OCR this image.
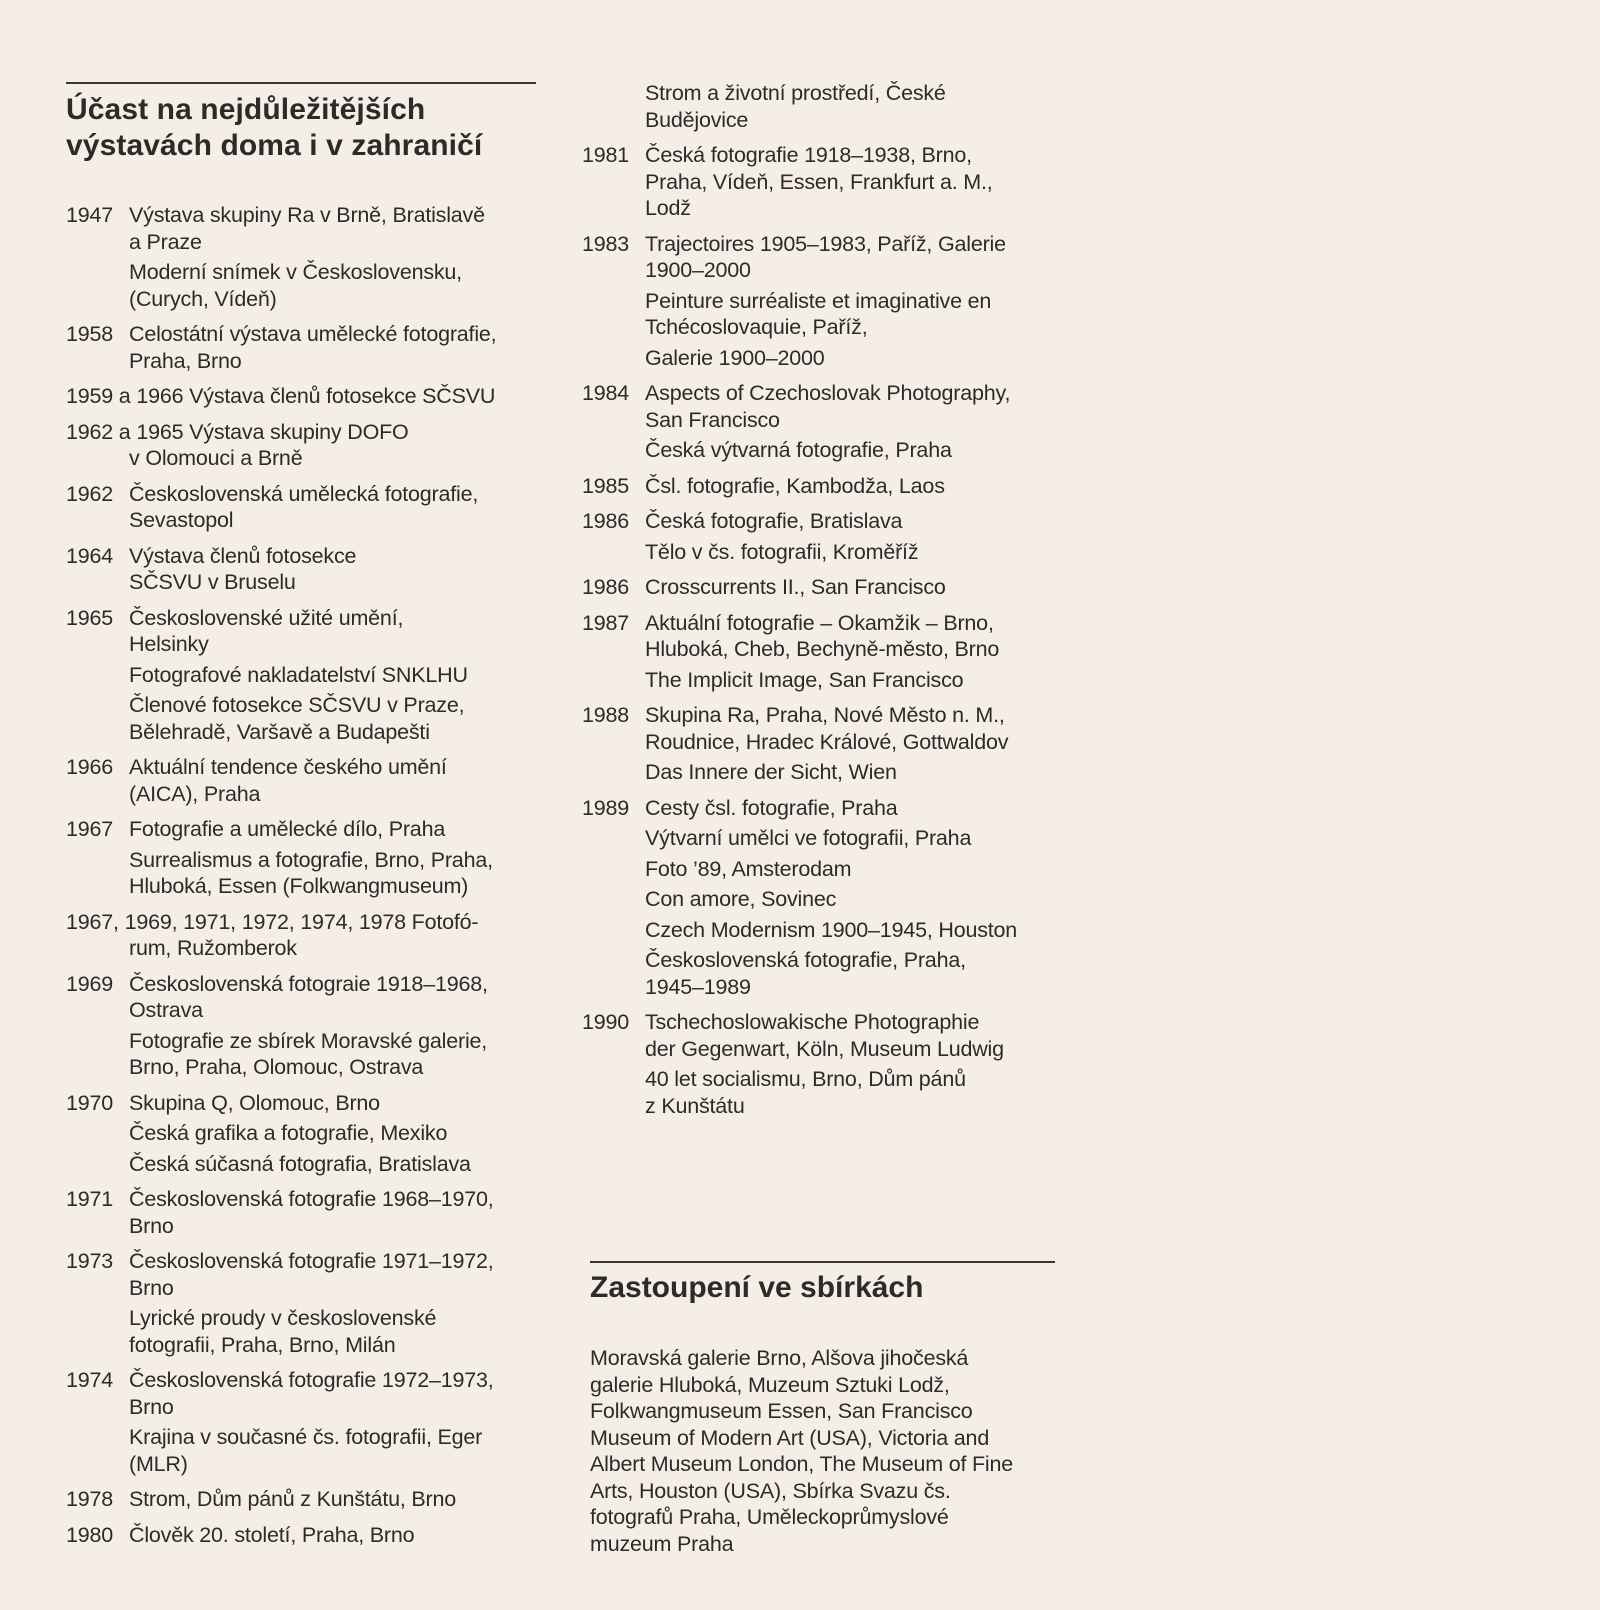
Účast na nejdůležitějších
výstavách doma i v zahraničí
1947 Výstava skupiny Ra v Brně, Bratislavě
a Praze
Moderní snímek v Československu,
(Curych, Vídeň)
1958 Celostátní výstava umělecké fotografie,
Praha, Brno
1959 a 1966 Výstava členů fotosekce SČSVU
1962 a 1965 Výstava skupiny DOFO
v Olomouci a Brně
1962 Československá umělecká fotografie,
Sevastopol
1964 Výstava členů fotosekce
SČSVU v Bruselu
1965 Československé užité umění,
Helsinky
Fotografové nakladatelství SNKLHU
Členové fotosekce SČSVU v Praze,
Bělehradě, Varšavě a Budapešti
1966 Aktuální tendence českého umění
(AICA), Praha
1967 Fotografie a umělecké dílo, Praha
Surrealismus a fotografie, Brno, Praha,
Hluboká, Essen (Folkwangmuseum)
1967, 1969, 1971, 1972, 1974, 1978 Fotofó-
rum, Ružomberok
1969 Československá fotograie 1918–1968,
Ostrava
Fotografie ze sbírek Moravské galerie,
Brno, Praha, Olomouc, Ostrava
1970 Skupina Q, Olomouc, Brno
Česká grafika a fotografie, Mexiko
Česká súčasná fotografia, Bratislava
1971 Československá fotografie 1968–1970,
Brno
1973 Československá fotografie 1971–1972,
Brno
Lyrické proudy v československé
fotografii, Praha, Brno, Milán
1974 Československá fotografie 1972–1973,
Brno
Krajina v současné čs. fotografii, Eger
(MLR)
1978 Strom, Dům pánů z Kunštátu, Brno
1980 Člověk 20. století, Praha, Brno
Strom a životní prostředí, České
Budějovice
1981 Česká fotografie 1918–1938, Brno,
Praha, Vídeň, Essen, Frankfurt a. M.,
Lodž
1983 Trajectoires 1905–1983, Paříž, Galerie
1900–2000
Peinture surréaliste et imaginative en
Tchécoslovaquie, Paříž,
Galerie 1900–2000
1984 Aspects of Czechoslovak Photography,
San Francisco
Česká výtvarná fotografie, Praha
1985 Čsl. fotografie, Kambodža, Laos
1986 Česká fotografie, Bratislava
Tělo v čs. fotografii, Kroměříž
1986 Crosscurrents II., San Francisco
1987 Aktuální fotografie – Okamžik – Brno,
Hluboká, Cheb, Bechyně-město, Brno
The Implicit Image, San Francisco
1988 Skupina Ra, Praha, Nové Město n. M.,
Roudnice, Hradec Králové, Gottwaldov
Das Innere der Sicht, Wien
1989 Cesty čsl. fotografie, Praha
Výtvarní umělci ve fotografii, Praha
Foto ’89, Amsterodam
Con amore, Sovinec
Czech Modernism 1900–1945, Houston
Československá fotografie, Praha,
1945–1989
1990 Tschechoslowakische Photographie
der Gegenwart, Köln, Museum Ludwig
40 let socialismu, Brno, Dům pánů
z Kunštátu
Zastoupení ve sbírkách
Moravská galerie Brno, Alšova jihočeská
galerie Hluboká, Muzeum Sztuki Lodž,
Folkwangmuseum Essen, San Francisco
Museum of Modern Art (USA), Victoria and
Albert Museum London, The Museum of Fine
Arts, Houston (USA), Sbírka Svazu čs.
fotografů Praha, Uměleckoprůmyslové
muzeum Praha
